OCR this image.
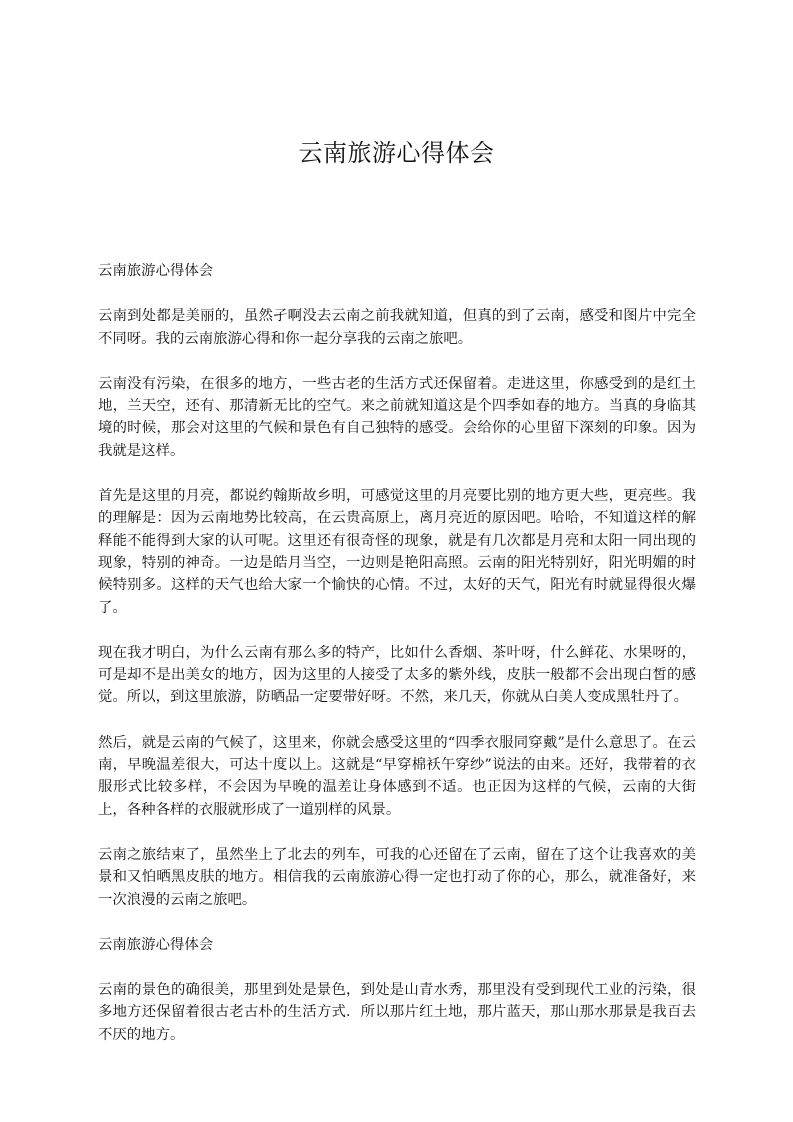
云南旅游心得体会

云南旅游心得体会

云南到处都是美丽的，虽然孑啊没去云南之前我就知道，但真的到了云南，感受和图片中完全不同呀。我的云南旅游心得和你一起分享我的云南之旅吧。

云南没有污染，在很多的地方，一些古老的生活方式还保留着。走进这里，你感受到的是红土地，兰天空，还有、那清新无比的空气。来之前就知道这是个四季如春的地方。当真的身临其境的时候，那会对这里的气候和景色有自己独特的感受。会给你的心里留下深刻的印象。因为我就是这样。

首先是这里的月亮，都说约翰斯故乡明，可感觉这里的月亮要比别的地方更大些，更亮些。我的理解是：因为云南地势比较高，在云贵高原上，离月亮近的原因吧。哈哈，不知道这样的解释能不能得到大家的认可呢。这里还有很奇怪的现象，就是有几次都是月亮和太阳一同出现的现象，特别的神奇。一边是皓月当空，一边则是艳阳高照。云南的阳光特别好，阳光明媚的时候特别多。这样的天气也给大家一个愉快的心情。不过，太好的天气，阳光有时就显得很火爆了。

现在我才明白，为什么云南有那么多的特产，比如什么香烟、茶叶呀，什么鲜花、水果呀的，可是却不是出美女的地方，因为这里的人接受了太多的紫外线，皮肤一般都不会出现白皙的感觉。所以，到这里旅游，防晒品一定要带好呀。不然，来几天，你就从白美人变成黑牡丹了。

然后，就是云南的气候了，这里来，你就会感受这里的“四季衣服同穿戴”是什么意思了。在云南，早晚温差很大，可达十度以上。这就是“早穿棉袄午穿纱”说法的由来。还好，我带着的衣服形式比较多样，不会因为早晚的温差让身体感到不适。也正因为这样的气候，云南的大街上，各种各样的衣服就形成了一道别样的风景。

云南之旅结束了，虽然坐上了北去的列车，可我的心还留在了云南，留在了这个让我喜欢的美景和又怕晒黑皮肤的地方。相信我的云南旅游心得一定也打动了你的心，那么，就准备好，来一次浪漫的云南之旅吧。

云南旅游心得体会

云南的景色的确很美，那里到处是景色，到处是山青水秀，那里没有受到现代工业的污染，很多地方还保留着很古老古朴的生活方式．所以那片红土地，那片蓝天，那山那水那景是我百去不厌的地方。
